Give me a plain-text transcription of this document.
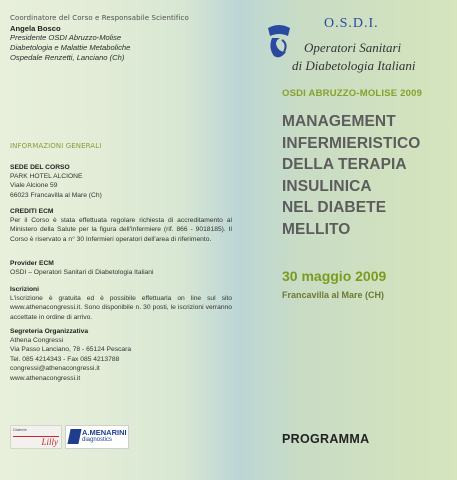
Coordinatore del Corso e Responsabile Scientifico
Angela Bosco
Presidente OSDI Abruzzo-Molise
Diabetologia e Malattie Metaboliche
Ospedale Renzetti, Lanciano (Ch)
INFORMAZIONI GENERALI
SEDE DEL CORSO
PARK HOTEL ALCIONE
Viale Alcione 59
66023 Francavilla al Mare (Ch)
CREDITI ECM
Per il Corso è stata effettuata regolare richiesta di accreditamento al Ministero della Salute per la figura dell'Infermiere (rif. 866 - 9018185). Il Corso è riservato a n° 30 Infermieri operatori dell'area di riferimento.
Provider ECM
OSDI – Operatori Sanitari di Diabetologia Italiani
Iscrizioni
L'iscrizione è gratuita ed è possibile effettuarla on line sul sito www.athenacongressi.it. Sono disponibile n. 30 posti, le iscrizioni verranno accettate in ordine di arrivo.
Segreteria Organizzativa
Athena Congressi
Via Passo Lanciano, 78 - 65124 Pescara
Tel. 085 4214343 - Fax 085 4213788
congressi@athenacongressi.it
www.athenacongressi.it
Diabete
Lilly
A.MENARINI
diagnostics
O.S.D.I.
Operatori Sanitari
di Diabetologia Italiani
OSDI ABRUZZO-MOLISE 2009
MANAGEMENT
INFERMIERISTICO
DELLA TERAPIA
INSULINICA
NEL DIABETE MELLITO
30 maggio 2009
Francavilla al Mare (CH)
PROGRAMMA
